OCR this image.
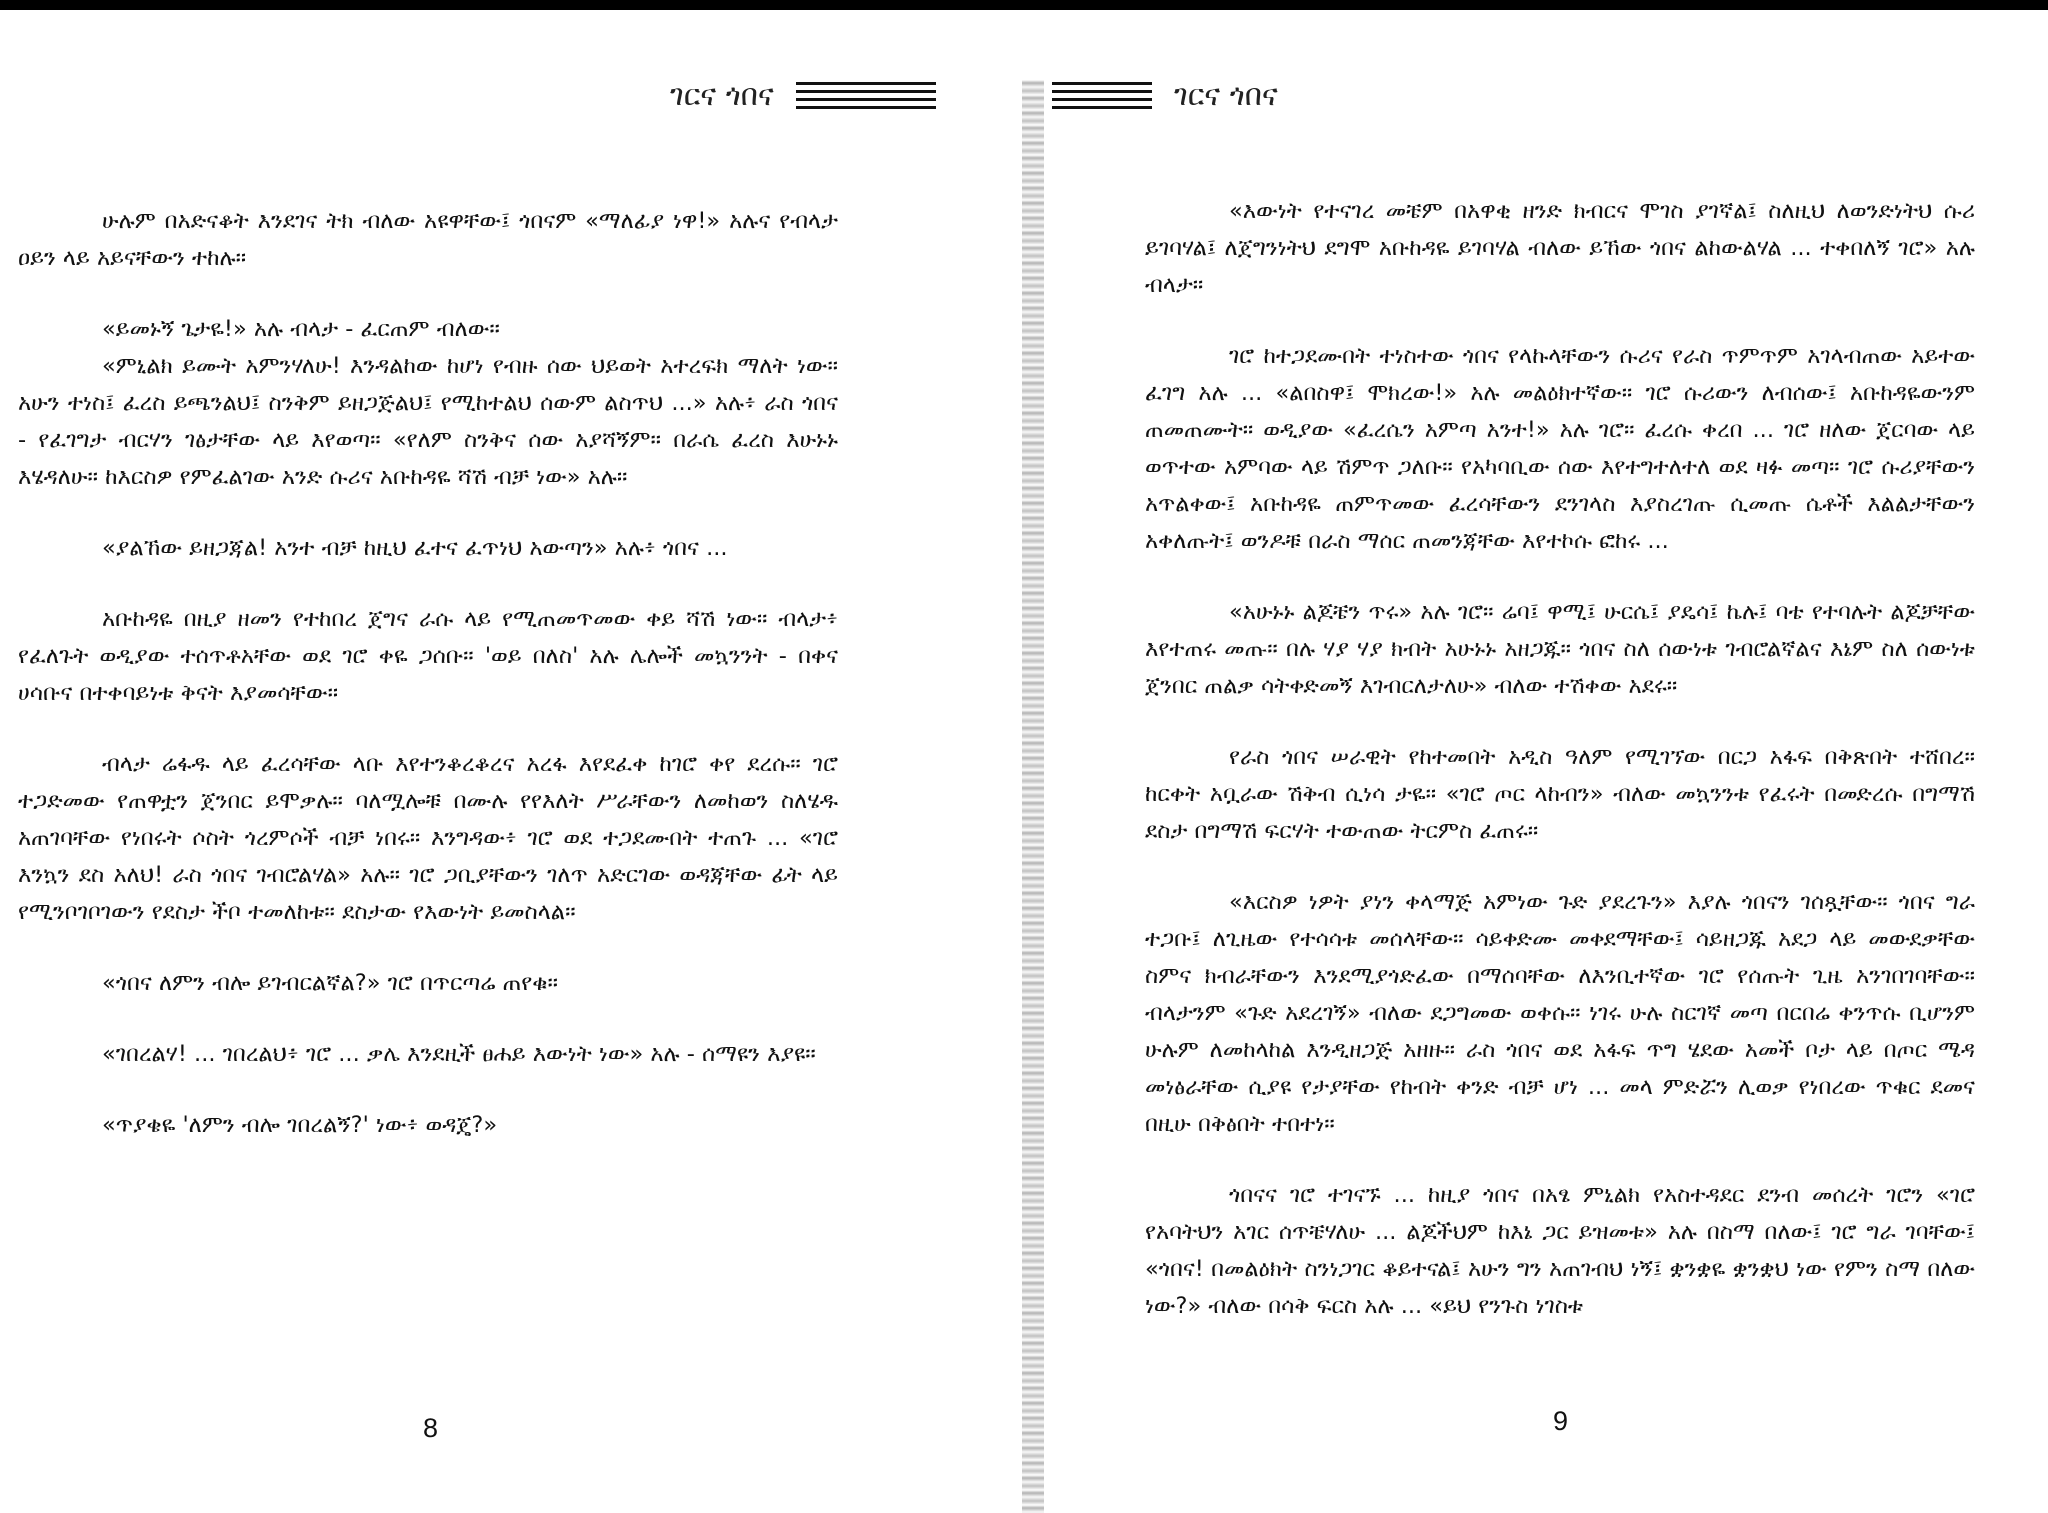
ገርና ጎበና

ሁሉም በአድናቆት እንደገና ትክ ብለው አዩዋቸው፤ ጎበናም «ማለፊያ ነዋ!» አሉና የብላታ ዐይን ላይ አይናቸውን ተከሉ።

«ይመኑኝ ጌታዬ!» አሉ ብላታ - ፈርጠም ብለው።

«ምኒልክ ይሙት አምንሃለሁ! እንዳልከው ከሆነ የብዙ ሰው ህይወት አተረፍክ ማለት ነው። አሁን ተነስ፤ ፈረስ ይጫንልህ፤ ስንቅም ይዘጋጅልህ፤ የሚከተልህ ሰውም ልስጥህ ...» አሉ፥ ራስ ጎበና - የፈገግታ ብርሃን ገፅታቸው ላይ እየወጣ። «የለም ስንቅና ሰው አያሻኝም። በራሴ ፈረስ እሁኑኑ እሄዳለሁ። ከእርስዎ የምፈልገው አንድ ሱሪና አቡከዳዬ ሻሽ ብቻ ነው» አሉ።

«ያልኸው ይዘጋጃል! አንተ ብቻ ከዚህ ፈተና ፈጥነህ አውጣን» አሉ፥ ጎበና ...

አቡከዳዬ በዚያ ዘመን የተከበረ ጀግና ራሱ ላይ የሚጠመጥመው ቀይ ሻሽ ነው። ብላታ፥ የፈለጉት ወዲያው ተሰጥቶአቸው ወደ ገሮ ቀዬ ጋሰቡ። 'ወይ በለስ' አሉ ሌሎች መኳንንት - በቀና ሀሳቡና በተቀባይነቱ ቅናት እያመሳቸው።

ብላታ ሬፋዱ ላይ ፈረሳቸው ላቡ እየተንቆረቆረና አረፋ እየደፈቀ ከገሮ ቀየ ደረሱ። ገሮ ተጋድመው የጠዋቷን ጀንበር ይሞቃሉ። ባለሟሎቹ በሙሉ የየእለት ሥራቸውን ለመከወን ስለሄዱ አጠገባቸው የነበሩት ሶስት ጎረምሶች ብቻ ነበሩ። እንግዳው፥ ገሮ ወደ ተጋደሙበት ተጠጉ ... «ገሮ እንኳን ደስ አለህ! ራስ ጎበና ገብሮልሃል» አሉ። ገሮ ጋቢያቸውን ገለጥ አድርገው ወዳጃቸው ፊት ላይ የሚንቦገቦገውን የደስታ ችቦ ተመለከቱ። ደስታው የእውነት ይመስላል።

«ጎበና ለምን ብሎ ይገብርልኛል?» ገሮ በጥርጣሬ ጠየቁ።

«ገበረልሃ! ... ገበረልህ፥ ገሮ ... ቃሌ እንደዚች ፀሐይ እውነት ነው» አሉ - ሰማዩን እያዩ።

«ጥያቄዬ 'ለምን ብሎ ገበረልኝ?' ነው፥ ወዳጄ?»

8
ገርና ጎበና

«እውነት የተናገረ መቼም በአዋቂ ዘንድ ክብርና ሞገስ ያገኛል፤ ስለዚህ ለወንድነትህ ሱሪ ይገባሃል፤ ለጀግንነትህ ደግሞ አቡከዳዬ ይገባሃል ብለው ይኸው ጎበና ልከውልሃል ... ተቀበለኝ ገሮ» አሉ ብላታ።

ገሮ ከተጋደሙበት ተነስተው ጎበና የላኩላቸውን ሱሪና የራስ ጥምጥም አገላብጠው አይተው ፈገግ አሉ ... «ልበስዋ፤ ሞክረው!» አሉ መልዕክተኛው። ገሮ ሱሪውን ለብሰው፤ አቡከዳዬውንም ጠመጠሙት። ወዲያው «ፈረሴን አምጣ አንተ!» አሉ ገሮ። ፈረሱ ቀረበ ... ገሮ ዘለው ጀርባው ላይ ወጥተው አምባው ላይ ሽምጥ ጋለቡ። የአካባቢው ሰው እየተግተለተለ ወደ ዛፉ መጣ። ገሮ ሱሪያቸውን አጥልቀው፤ አቡከዳዬ ጠምጥመው ፈረሳቸውን ደንገላስ እያስረገጡ ሲመጡ ሴቶች እልልታቸውን አቀለጡት፤ ወንዶቹ በራስ ማሰር ጠመንጃቸው እየተኮሱ ፎከሩ ...

«አሁኑኑ ልጆቼን ጥሩ» አሉ ገሮ። ሬባ፤ ዋሚ፤ ሁርሴ፤ ያዴሳ፤ ኬሉ፤ ባቴ የተባሉት ልጆቻቸው እየተጠሩ መጡ። በሉ ሃያ ሃያ ክብት አሁኑኑ አዘጋጁ። ጎበና ስለ ሰውነቱ ገብሮልኛልና እኔም ስለ ሰውነቱ ጀንበር ጠልቃ ሳትቀድመኝ እገብርለታለሁ» ብለው ተሽቀው አደሩ።

የራስ ጎበና ሠራዊት የከተመበት አዲስ ዓለም የሚገኘው በርጋ አፋፍ በቅጽበት ተሸበረ። ከርቀት አቧራው ሽቅብ ሲነሳ ታዬ። «ገሮ ጦር ላከብን» ብለው መኳንንቱ የፈሩት በመድረሱ በግማሽ ደስታ በግማሽ ፍርሃት ተውጠው ትርምስ ፈጠሩ።

«እርስዎ ነዎት ያነን ቀላማጅ አምነው ጉድ ያደረጉን» እያሉ ጎበናን ገሰጿቸው። ጎበና ግራ ተጋቡ፤ ለጊዜው የተሳሳቱ መሰላቸው። ሳይቀድሙ መቀደማቸው፤ ሳይዘጋጁ አደጋ ላይ መውደቃቸው ስምና ክብራቸውን እንደሚያጎድፈው በማሰባቸው ለእንቢተኛው ገሮ የሰጡት ጊዜ አንገበገባቸው። ብላታንም «ጉድ አደረገኝ» ብለው ደጋግመው ወቀሱ። ነገሩ ሁሉ ስርገኛ መጣ በርበሬ ቀንጥሱ ቢሆንም ሁሉም ለመከላከል እንዲዘጋጅ አዘዙ። ራስ ጎበና ወደ አፋፍ ጥግ ሄደው አመች ቦታ ላይ በጦር ሜዳ መነፅራቸው ሲያዩ የታያቸው የከብት ቀንድ ብቻ ሆነ ... መላ ምድሯን ሊወቃ የነበረው ጥቁር ደመና በዚሁ በቅፅበት ተበተነ።

ጎበናና ገሮ ተገናኙ ... ከዚያ ጎበና በአፄ ምኒልክ የአስተዳደር ደንብ መሰረት ገሮን «ገሮ የአባትህን አገር ሰጥቼሃለሁ ... ልጆችህም ከእኔ ጋር ይዝመቱ» አሉ በስማ በለው፤ ገሮ ግራ ገባቸው፤ «ጎበና! በመልዕክት ስንነጋገር ቆይተናል፤ አሁን ግን አጠገብህ ነኝ፤ ቋንቋዬ ቋንቋህ ነው የምን ስማ በለው ነው?» ብለው በሳቅ ፍርስ አሉ ... «ይህ የንጉስ ነገስቱ

9
